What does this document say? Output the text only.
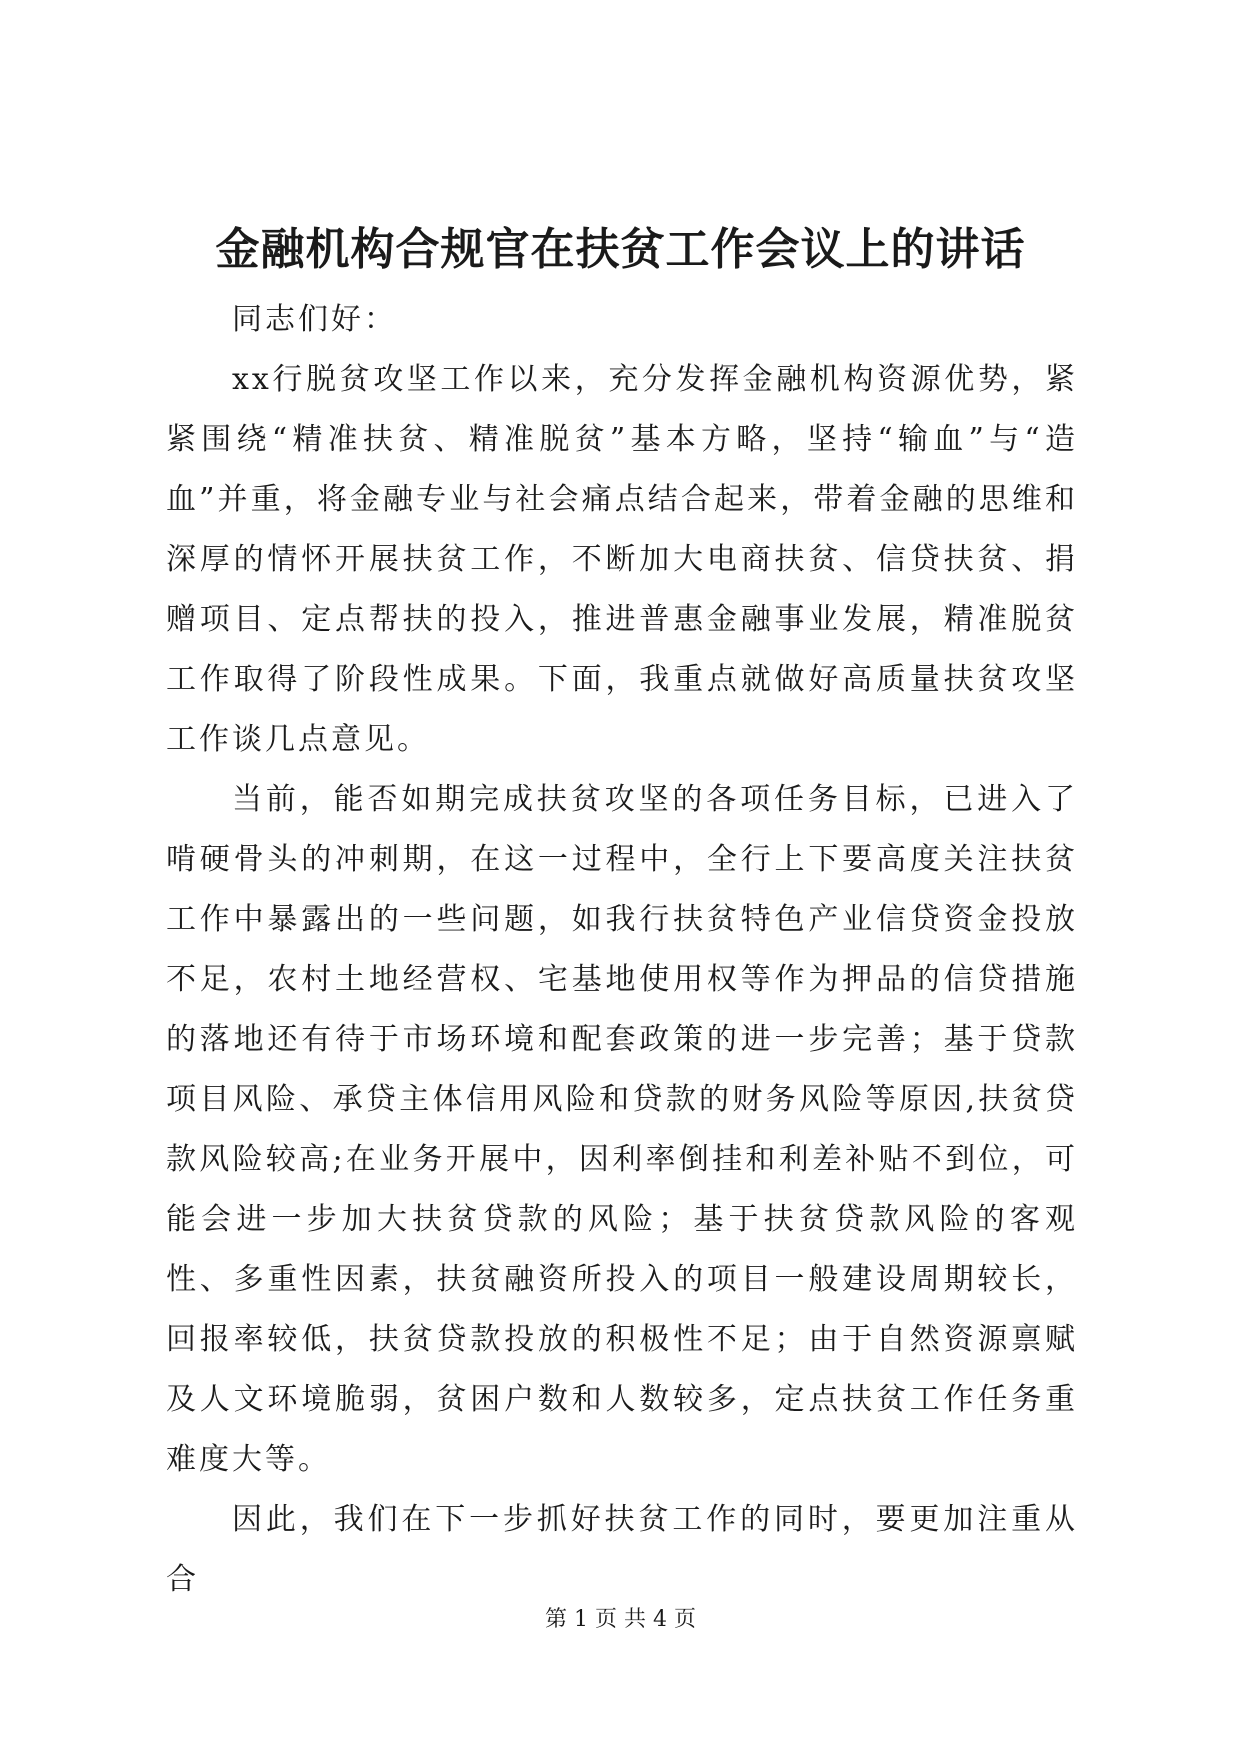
金融机构合规官在扶贫工作会议上的讲话

同志们好：

xx行脱贫攻坚工作以来，充分发挥金融机构资源优势，紧紧围绕“精准扶贫、精准脱贫”基本方略，坚持“输血”与“造血”并重，将金融专业与社会痛点结合起来，带着金融的思维和深厚的情怀开展扶贫工作，不断加大电商扶贫、信贷扶贫、捐赠项目、定点帮扶的投入，推进普惠金融事业发展，精准脱贫工作取得了阶段性成果。下面，我重点就做好高质量扶贫攻坚工作谈几点意见。

当前，能否如期完成扶贫攻坚的各项任务目标，已进入了啃硬骨头的冲刺期，在这一过程中，全行上下要高度关注扶贫工作中暴露出的一些问题，如我行扶贫特色产业信贷资金投放不足，农村土地经营权、宅基地使用权等作为押品的信贷措施的落地还有待于市场环境和配套政策的进一步完善；基于贷款项目风险、承贷主体信用风险和贷款的财务风险等原因,扶贫贷款风险较高;在业务开展中，因利率倒挂和利差补贴不到位，可能会进一步加大扶贫贷款的风险；基于扶贫贷款风险的客观性、多重性因素，扶贫融资所投入的项目一般建设周期较长，回报率较低，扶贫贷款投放的积极性不足；由于自然资源禀赋及人文环境脆弱，贫困户数和人数较多，定点扶贫工作任务重难度大等。

因此，我们在下一步抓好扶贫工作的同时，要更加注重从合

第 1 页 共 4 页
